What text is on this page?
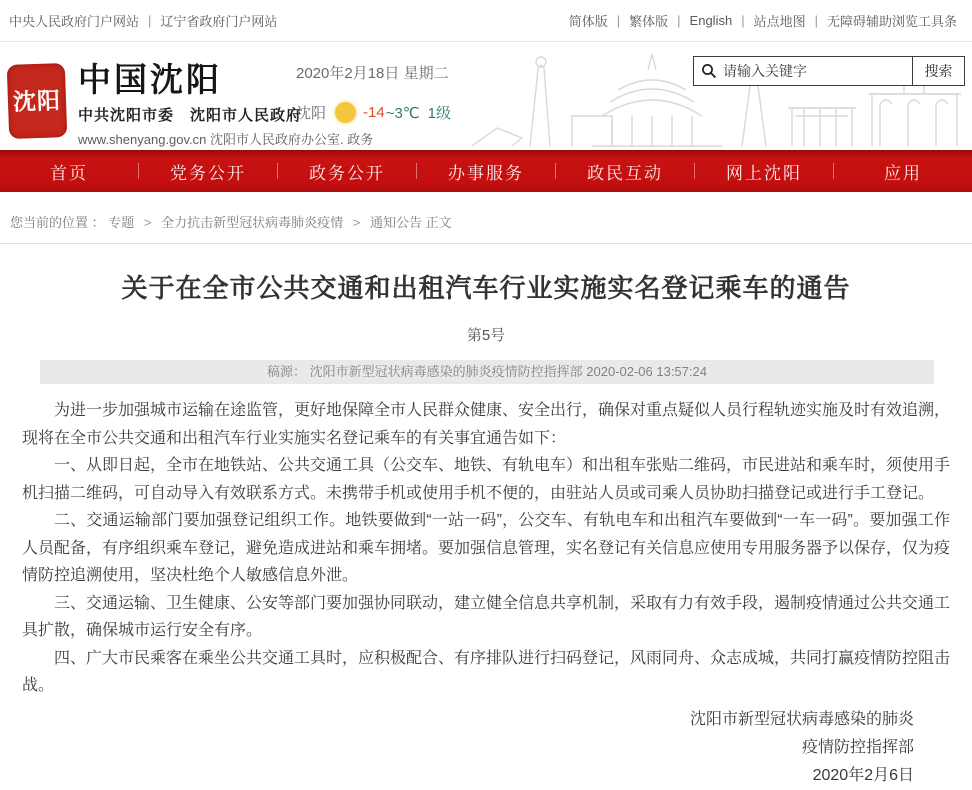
中央人民政府门户网站 | 辽宁省政府门户网站	简体版 | 繁体版 | English | 站点地图 | 无障碍辅助浏览工具条
沈阳
中国沈阳
中共沈阳市委　沈阳市人民政府
www.shenyang.gov.cn 沈阳市人民政府办公室. 政务
2020年2月18日 星期二
沈阳 -14 ~3℃ 1级
请输入关键字
搜索
首页	党务公开	政务公开	办事服务	政民互动	网上沈阳	应用
您当前的位置 ： 专题 > 全力抗击新型冠状病毒肺炎疫情 > 通知公告 正文
关于在全市公共交通和出租汽车行业实施实名登记乘车的通告
第5号
稿源： 沈阳市新型冠状病毒感染的肺炎疫情防控指挥部 2020-02-06 13:57:24

为进一步加强城市运输在途监管，更好地保障全市人民群众健康、安全出行，确保对重点疑似人员行程轨迹实施及时有效追溯，现将在全市公共交通和出租汽车行业实施实名登记乘车的有关事宜通告如下：

一、从即日起，全市在地铁站、公共交通工具（公交车、地铁、有轨电车）和出租车张贴二维码，市民进站和乘车时，须使用手机扫描二维码，可自动导入有效联系方式。未携带手机或使用手机不便的，由驻站人员或司乘人员协助扫描登记或进行手工登记。

二、交通运输部门要加强登记组织工作。地铁要做到“一站一码”，公交车、有轨电车和出租汽车要做到“一车一码”。要加强工作人员配备，有序组织乘车登记，避免造成进站和乘车拥堵。要加强信息管理，实名登记有关信息应使用专用服务器予以保存，仅为疫情防控追溯使用，坚决杜绝个人敏感信息外泄。

三、交通运输、卫生健康、公安等部门要加强协同联动，建立健全信息共享机制，采取有力有效手段，遏制疫情通过公共交通工具扩散，确保城市运行安全有序。

四、广大市民乘客在乘坐公共交通工具时，应积极配合、有序排队进行扫码登记，风雨同舟、众志成城，共同打赢疫情防控阻击战。

沈阳市新型冠状病毒感染的肺炎
疫情防控指挥部
2020年2月6日
